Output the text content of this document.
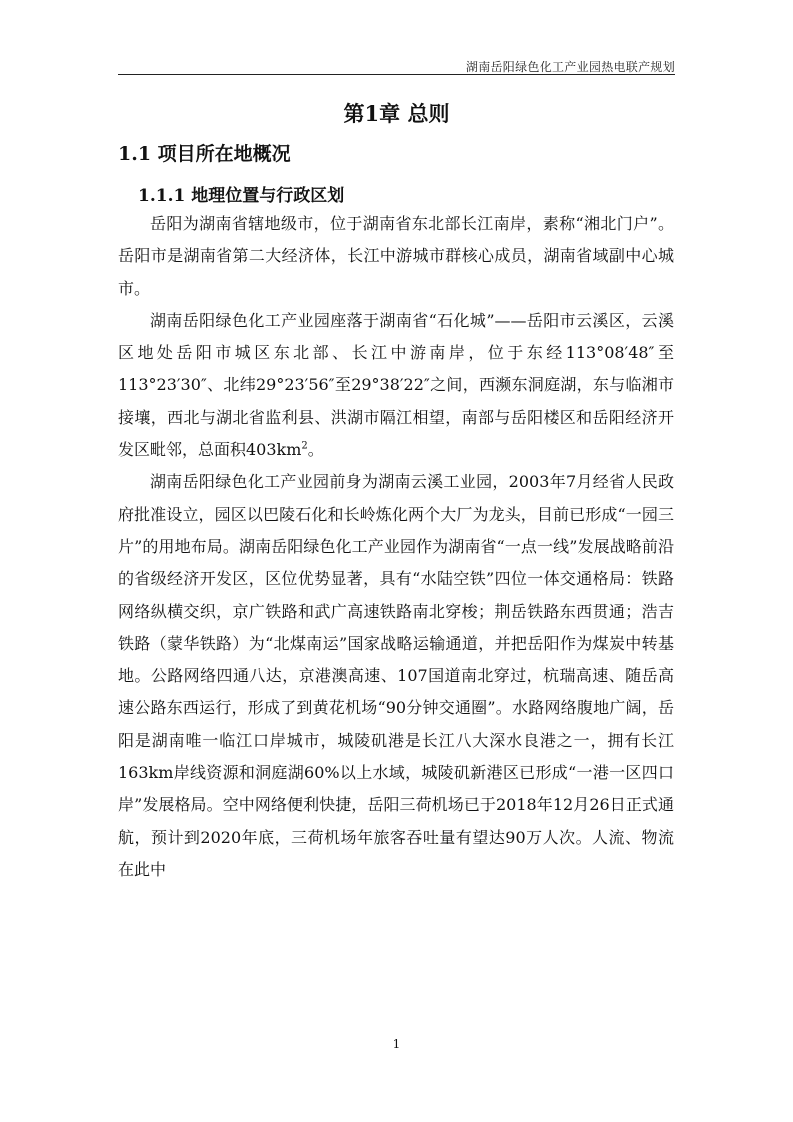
湖南岳阳绿色化工产业园热电联产规划
第1章 总则
1.1 项目所在地概况
1.1.1 地理位置与行政区划

岳阳为湖南省辖地级市，位于湖南省东北部长江南岸，素称“湘北门户”。岳阳市是湖南省第二大经济体，长江中游城市群核心成员，湖南省域副中心城市。

湖南岳阳绿色化工产业园座落于湖南省“石化城”——岳阳市云溪区，云溪区地处岳阳市城区东北部、长江中游南岸，位于东经113°08′48″至113°23′30″、北纬29°23′56″至29°38′22″之间，西濒东洞庭湖，东与临湘市接壤，西北与湖北省监利县、洪湖市隔江相望，南部与岳阳楼区和岳阳经济开发区毗邻，总面积$403km^2$。

湖南岳阳绿色化工产业园前身为湖南云溪工业园，2003年7月经省人民政府批准设立，园区以巴陵石化和长岭炼化两个大厂为龙头，目前已形成“一园三片”的用地布局。湖南岳阳绿色化工产业园作为湖南省“一点一线”发展战略前沿的省级经济开发区，区位优势显著，具有“水陆空铁”四位一体交通格局：铁路网络纵横交织，京广铁路和武广高速铁路南北穿梭；荆岳铁路东西贯通；浩吉铁路（蒙华铁路）为“北煤南运”国家战略运输通道，并把岳阳作为煤炭中转基地。公路网络四通八达，京港澳高速、107国道南北穿过，杭瑞高速、随岳高速公路东西运行，形成了到黄花机场“90分钟交通圈”。水路网络腹地广阔，岳阳是湖南唯一临江口岸城市，城陵矶港是长江八大深水良港之一，拥有长江163km岸线资源和洞庭湖60%以上水域，城陵矶新港区已形成“一港一区四口岸”发展格局。空中网络便利快捷，岳阳三荷机场已于2018年12月26日正式通航，预计到2020年底，三荷机场年旅客吞吐量有望达90万人次。人流、物流在此中

1
